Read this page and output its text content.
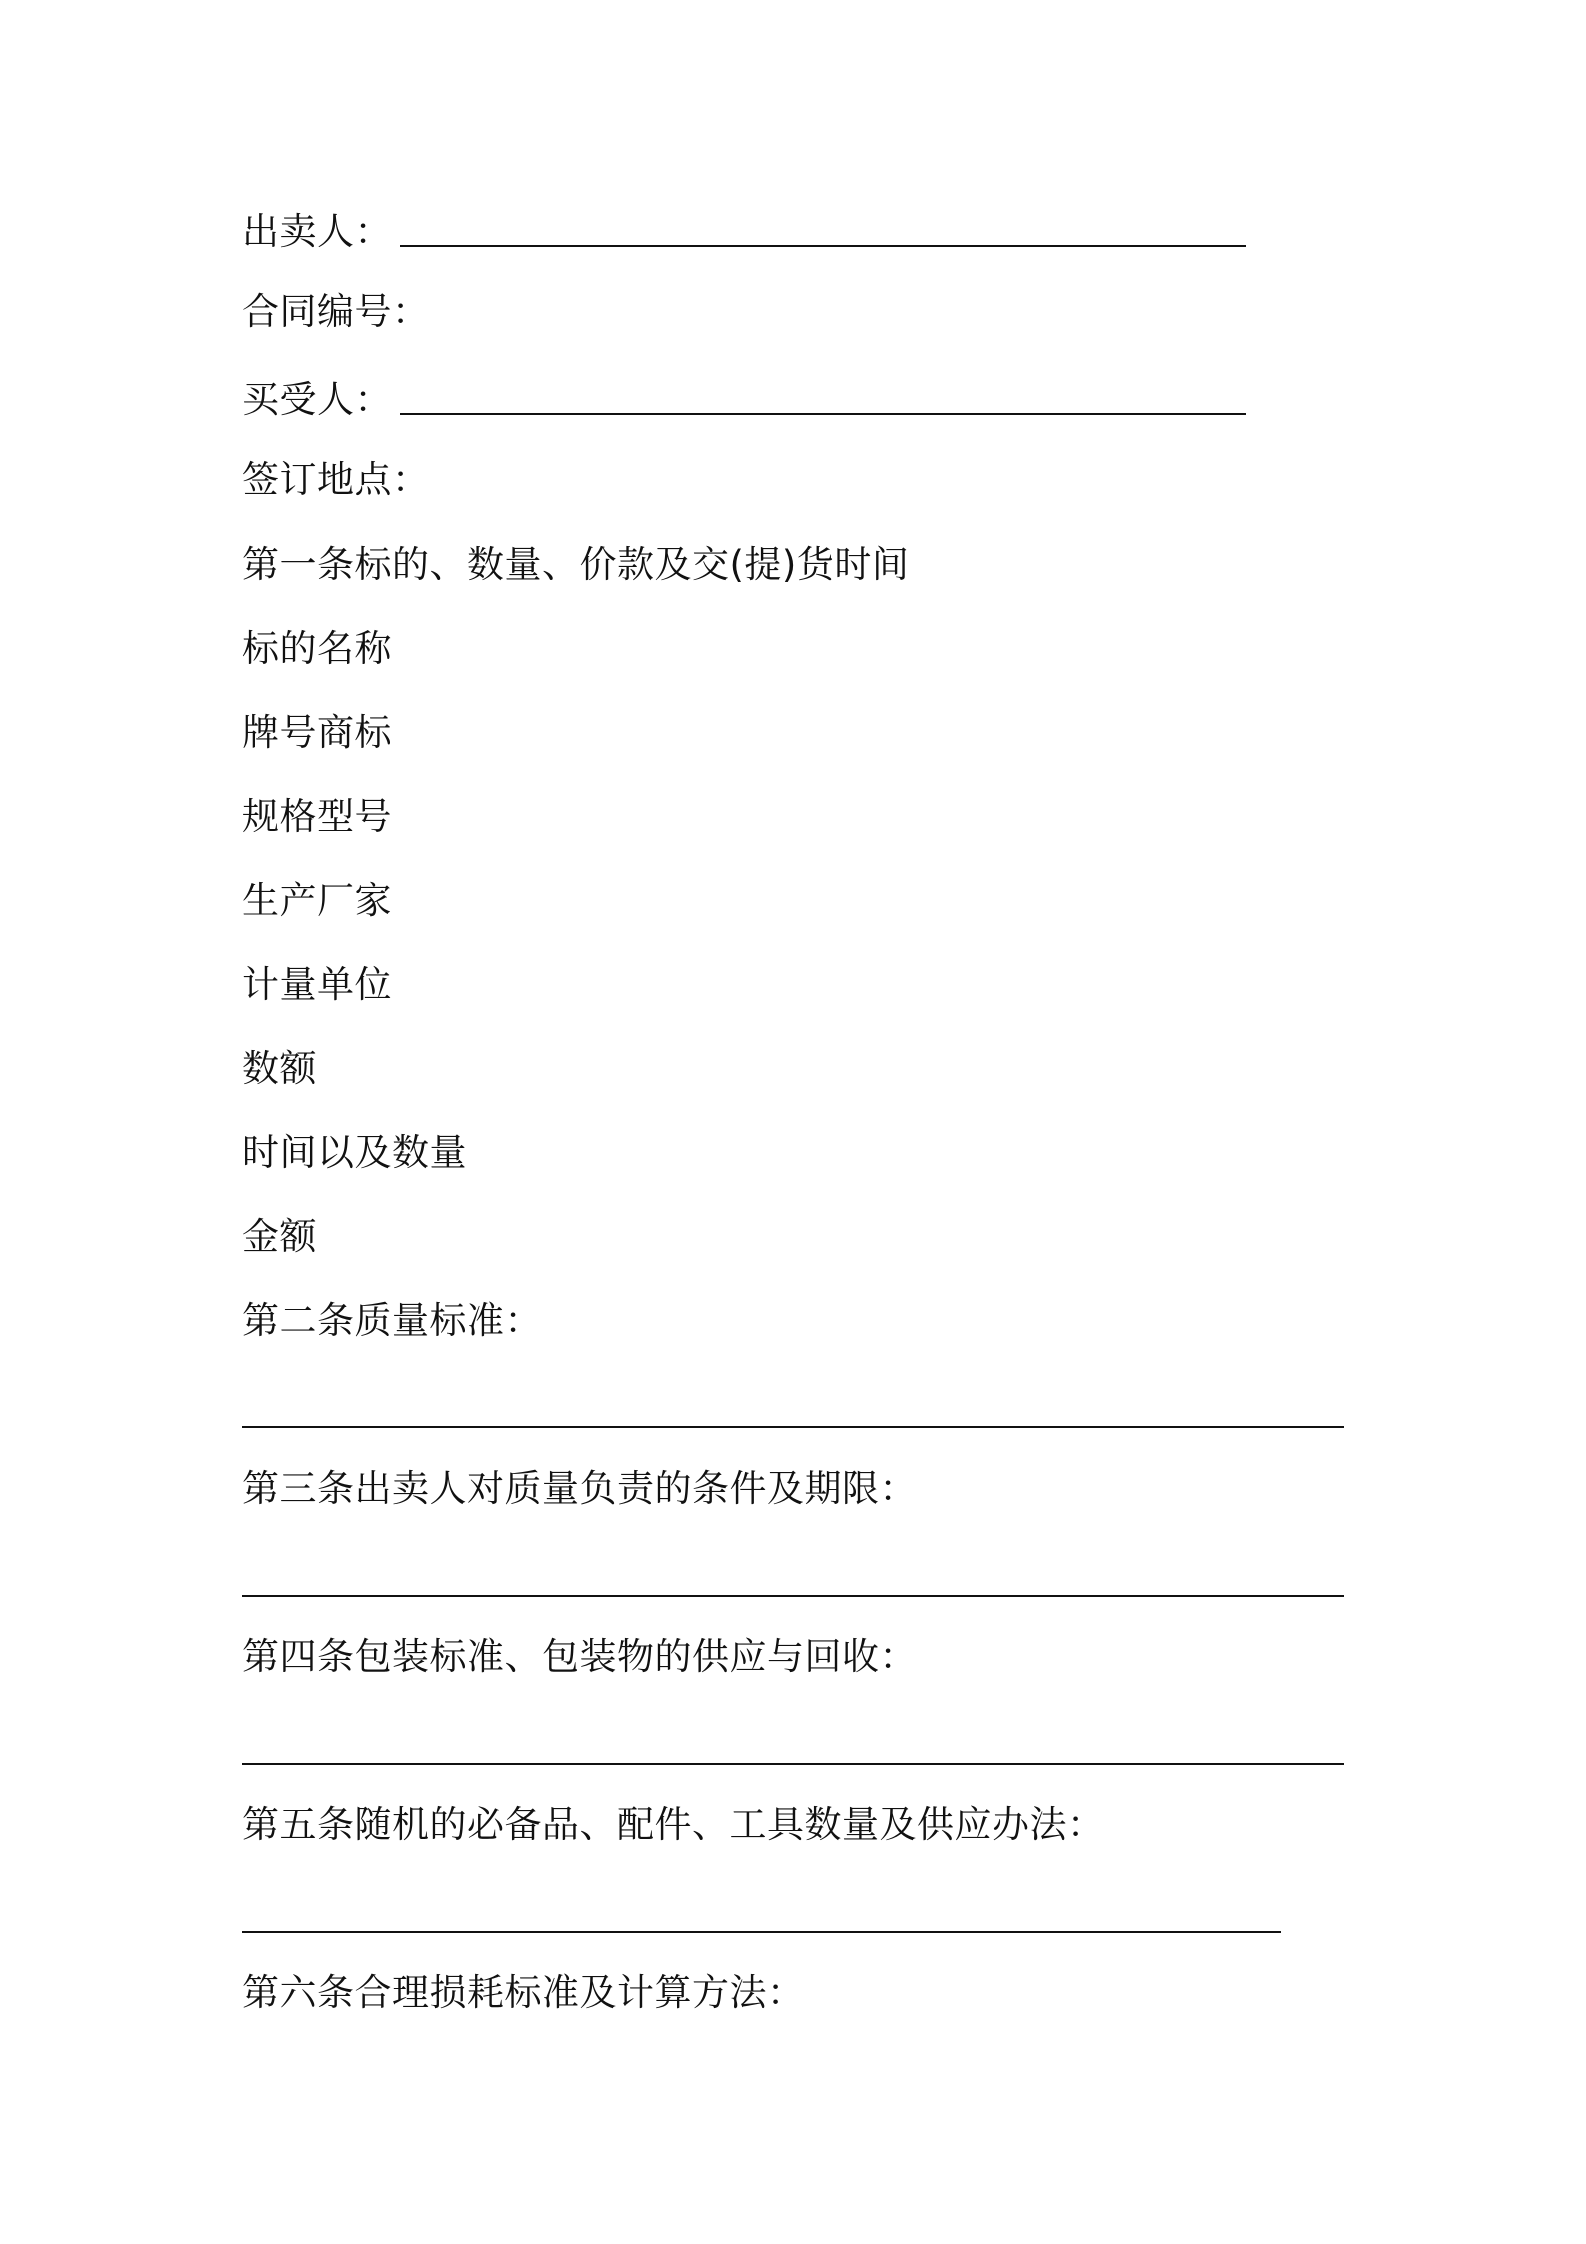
出卖人：
合同编号：
买受人：
签订地点：
第一条标的、数量、价款及交(提)货时间
标的名称
牌号商标
规格型号
生产厂家
计量单位
数额
时间以及数量
金额
第二条质量标准：
第三条出卖人对质量负责的条件及期限：
第四条包装标准、包装物的供应与回收：
第五条随机的必备品、配件、工具数量及供应办法：
第六条合理损耗标准及计算方法：
